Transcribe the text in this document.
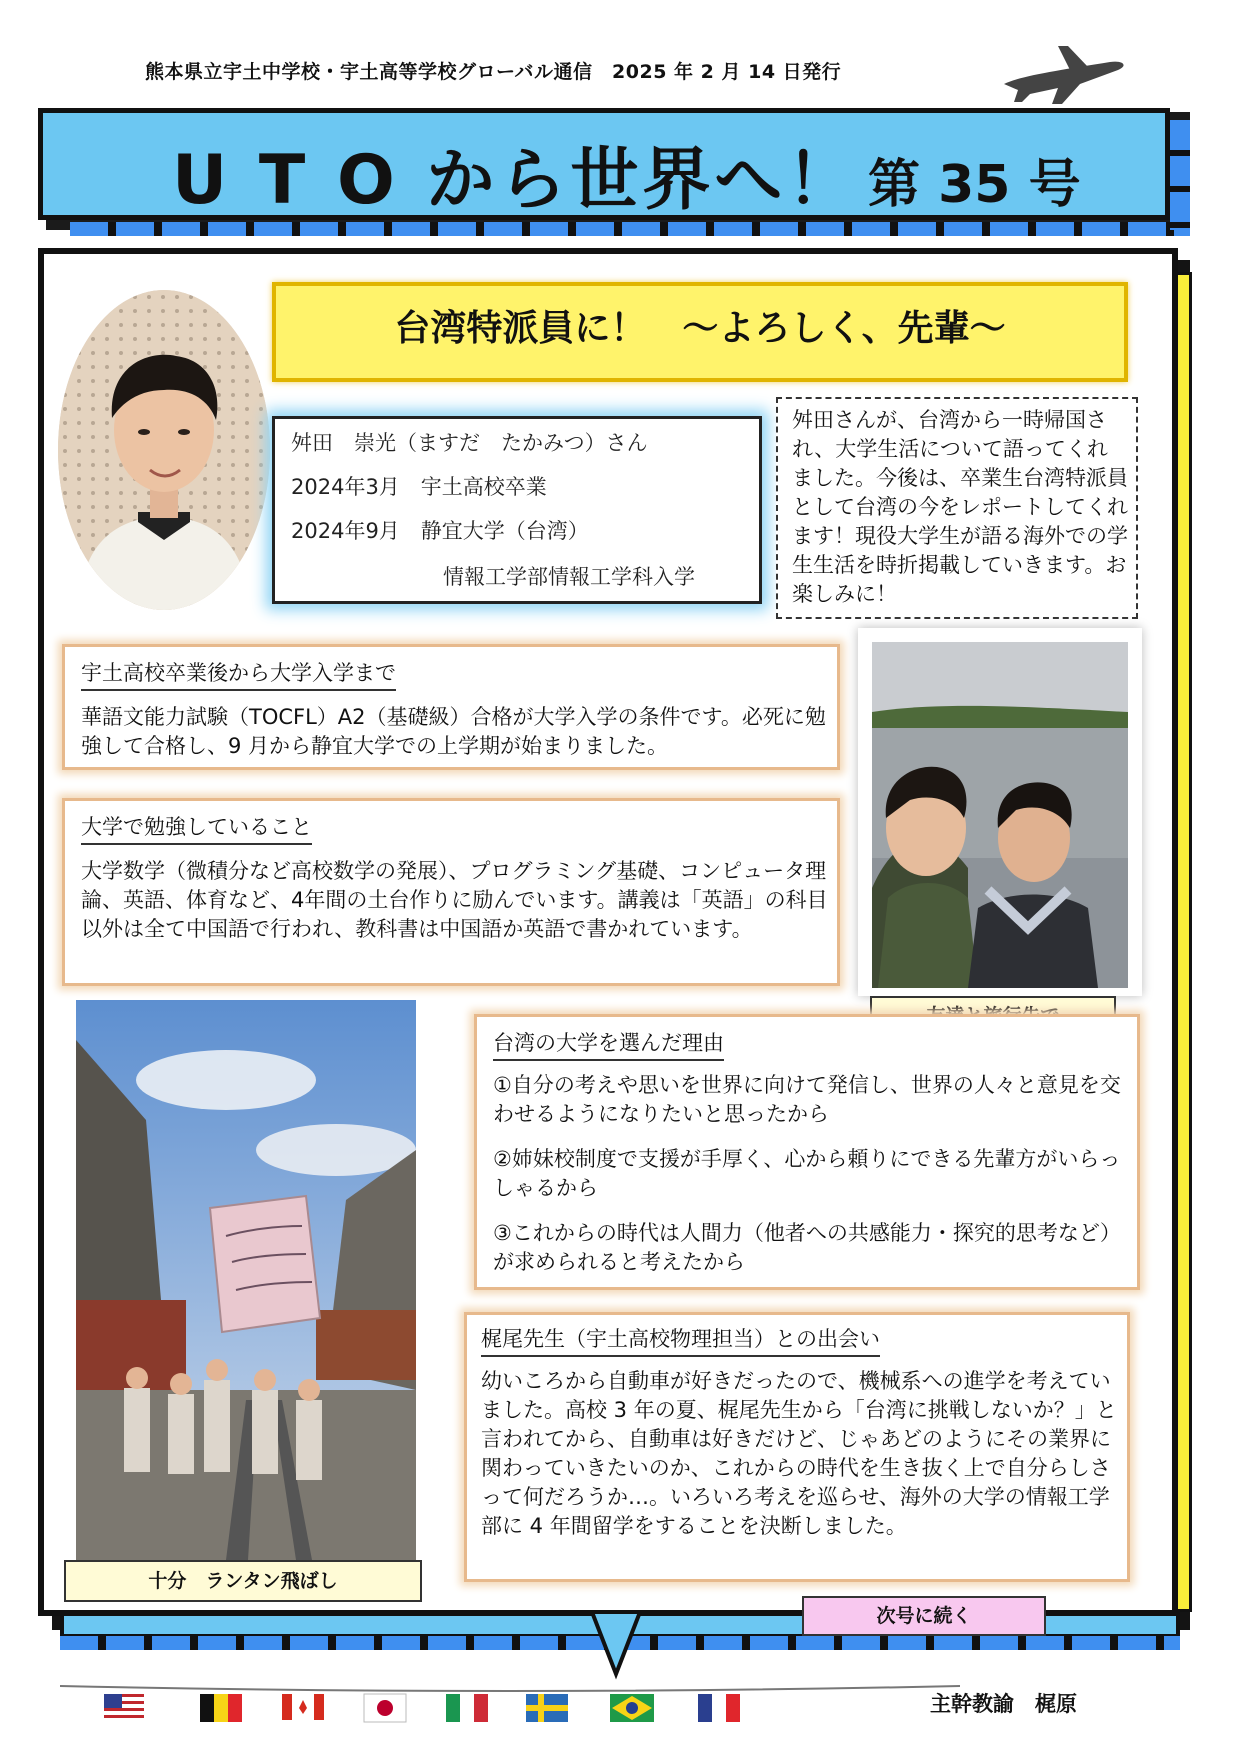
熊本県立宇土中学校・宇土高等学校グローバル通信　2025 年 2 月 14 日発行
U T O から世界へ！ 第 35 号
台湾特派員に！　～よろしく、先輩～
舛田　崇光（ますだ　たかみつ）さん
2024年3月　宇土高校卒業
2024年9月　静宜大学（台湾）
情報工学部情報工学科入学
舛田さんが、台湾から一時帰国され、大学生活について語ってくれました。今後は、卒業生台湾特派員として台湾の今をレポートしてくれます！現役大学生が語る海外での学生生活を時折掲載していきます。お楽しみに！
宇土高校卒業後から大学入学まで
華語文能力試験（TOCFL）A2（基礎級）合格が大学入学の条件です。必死に勉強して合格し、9 月から静宜大学での上学期が始まりました。
大学で勉強していること
大学数学（微積分など高校数学の発展）、プログラミング基礎、コンピュータ理論、英語、体育など、4年間の土台作りに励んでいます。講義は「英語」の科目以外は全て中国語で行われ、教科書は中国語か英語で書かれています。
十分　ランタン飛ばし
台湾の大学を選んだ理由
①自分の考えや思いを世界に向けて発信し、世界の人々と意見を交わせるようになりたいと思ったから
②姉妹校制度で支援が手厚く、心から頼りにできる先輩方がいらっしゃるから
③これからの時代は人間力（他者への共感能力・探究的思考など）が求められると考えたから
梶尾先生（宇土高校物理担当）との出会い
幼いころから自動車が好きだったので、機械系への進学を考えていました。高校 3 年の夏、梶尾先生から「台湾に挑戦しないか？」と言われてから、自動車は好きだけど、じゃあどのようにその業界に関わっていきたいのか、これからの時代を生き抜く上で自分らしさって何だろうか…。いろいろ考えを巡らせ、海外の大学の情報工学部に 4 年間留学をすることを決断しました。
次号に続く
主幹教諭　梶原
